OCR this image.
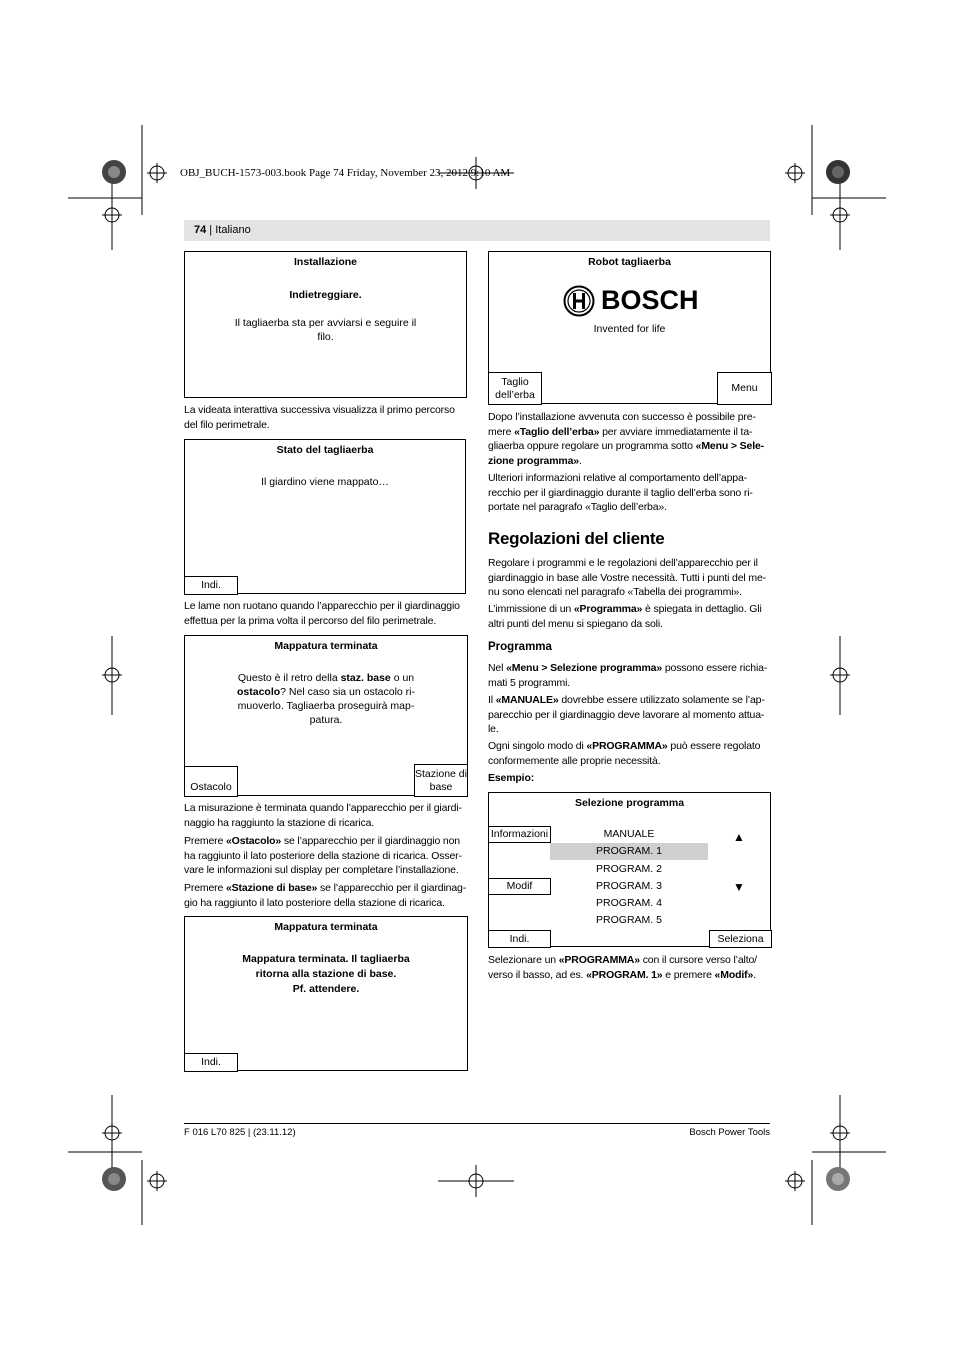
OBJ_BUCH-1573-003.book Page 74 Friday, November 23, 2012 9:10 AM
74 | Italiano
Installazione
Indietreggiare.
Il tagliaerba sta per avviarsi e seguire il
filo.

La videata interattiva successiva visualizza il primo percorso

del filo perimetrale.

Stato del tagliaerba
Il giardino viene mappato…
Indi.

Le lame non ruotano quando l’apparecchio per il giardinaggio

effettua per la prima volta il percorso del filo perimetrale.

Mappatura terminata
Questo è il retro della staz. base o un
ostacolo? Nel caso sia un ostacolo ri-
muoverlo. Tagliaerba proseguirà map-
patura.
Ostacolo
Stazione di
base

La misurazione è terminata quando l’apparecchio per il giardi-

naggio ha raggiunto la stazione di ricarica.

Premere «Ostacolo» se l’apparecchio per il giardinaggio non

ha raggiunto il lato posteriore della stazione di ricarica. Osser-

vare le informazioni sul display per completare l’installazione.

Premere «Stazione di base» se l’apparecchio per il giardinag-

gio ha raggiunto il lato posteriore della stazione di ricarica.

Mappatura terminata
Mappatura terminata. Il tagliaerba
ritorna alla stazione di base.
Pf. attendere.
Indi.
Robot tagliaerba
BOSCH
Invented for life
Taglio
dell’erba
Menu

Dopo l’installazione avvenuta con successo è possibile pre-

mere «Taglio dell’erba» per avviare immediatamente il ta-

gliaerba oppure regolare un programma sotto «Menu > Sele-

zione programma».

Ulteriori informazioni relative al comportamento dell’appa-

recchio per il giardinaggio durante il taglio dell’erba sono ri-

portate nel paragrafo «Taglio dell’erba».

Regolazioni del cliente

Regolare i programmi e le regolazioni dell’apparecchio per il

giardinaggio in base alle Vostre necessità. Tutti i punti del me-

nu sono elencati nel paragrafo «Tabella dei programmi».

L’immissione di un «Programma» è spiegata in dettaglio. Gli

altri punti del menu si spiegano da soli.

Programma

Nel «Menu > Selezione programma» possono essere richia-

mati 5 programmi.

Il «MANUALE» dovrebbe essere utilizzato solamente se l’ap-

parecchio per il giardinaggio deve lavorare al momento attua-

le.

Ogni singolo modo di «PROGRAMMA» può essere regolato

conformemente alle proprie necessità.

Esempio:
Selezione programma
Informazioni
Modif
Indi.	Seleziona
▲
▼
MANUALE
PROGRAM. 1
PROGRAM. 2
PROGRAM. 3
PROGRAM. 4
PROGRAM. 5

Selezionare un «PROGRAMMA» con il cursore verso l’alto/

verso il basso, ad es. «PROGRAM. 1» e premere «Modif».

F 016 L70 825 | (23.11.12)	Bosch Power Tools
